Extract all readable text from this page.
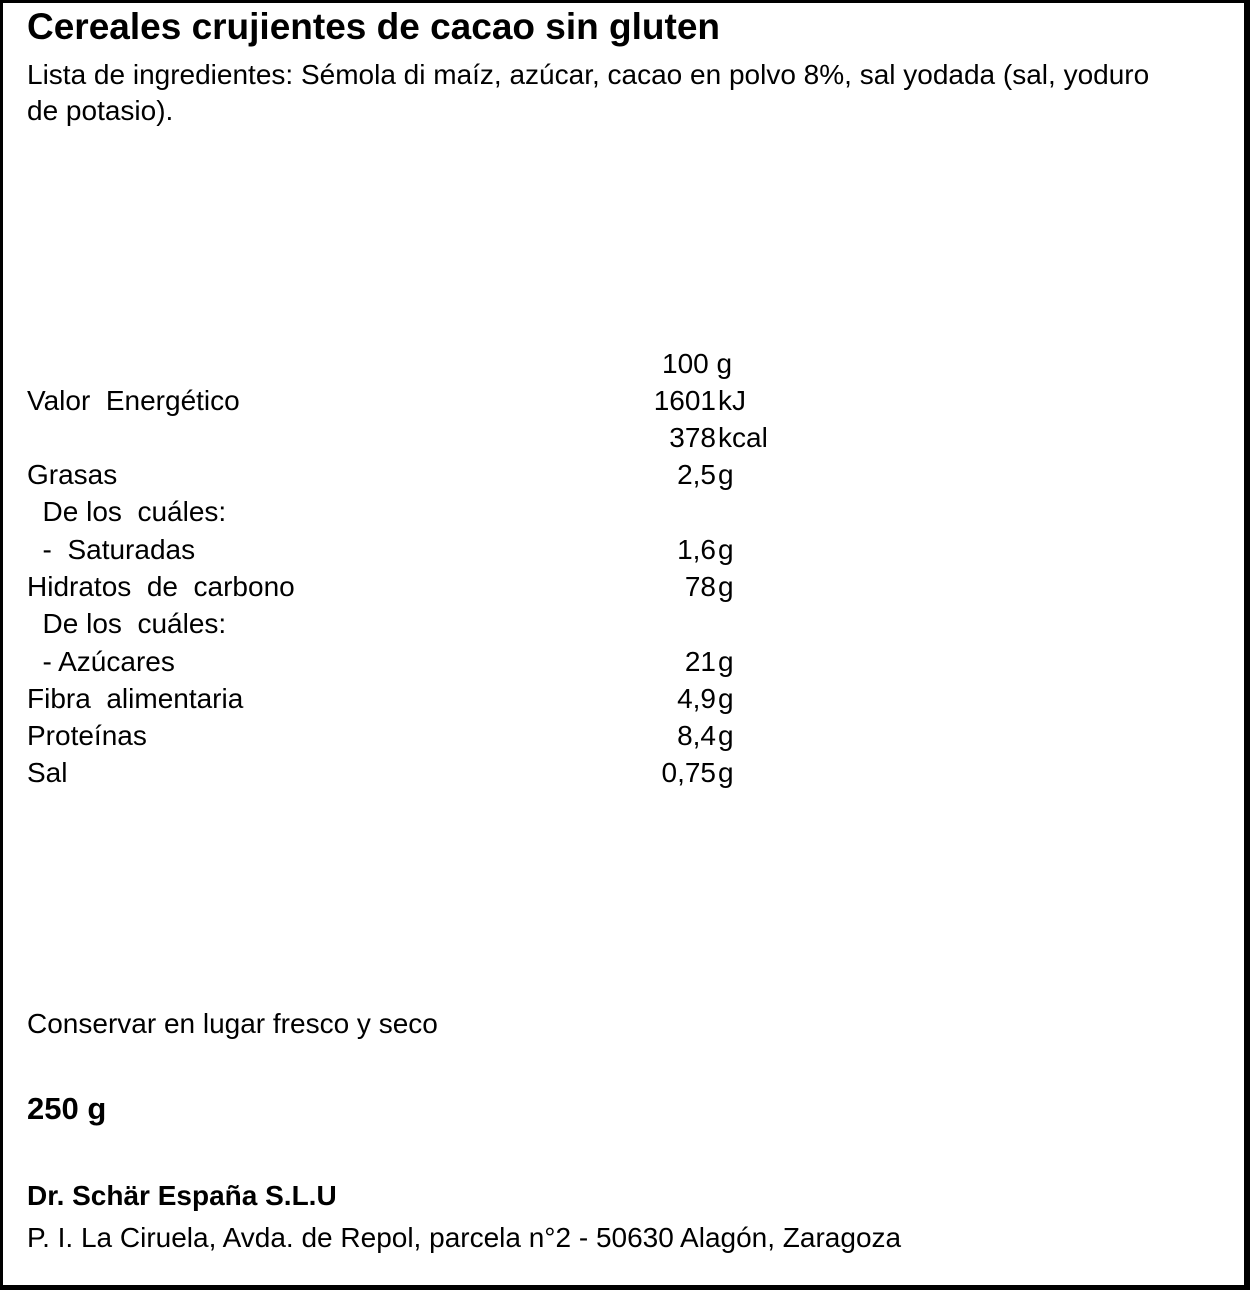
Cereales crujientes de cacao sin gluten
Lista de ingredientes: Sémola di maíz, azúcar, cacao en polvo 8%, sal yodada (sal, yoduro de potasio).
100 g
Valor  Energético	1601 kJ
378 kcal
Grasas	2,5 g
De los  cuáles:
-  Saturadas	1,6 g
Hidratos  de  carbono	78 g
De los  cuáles:
- Azúcares	21 g
Fibra  alimentaria	4,9 g
Proteínas	8,4 g
Sal	0,75 g
Conservar en lugar fresco y seco
250 g
Dr. Schär España S.L.U
P. I. La Ciruela, Avda. de Repol, parcela n°2 - 50630 Alagón, Zaragoza
